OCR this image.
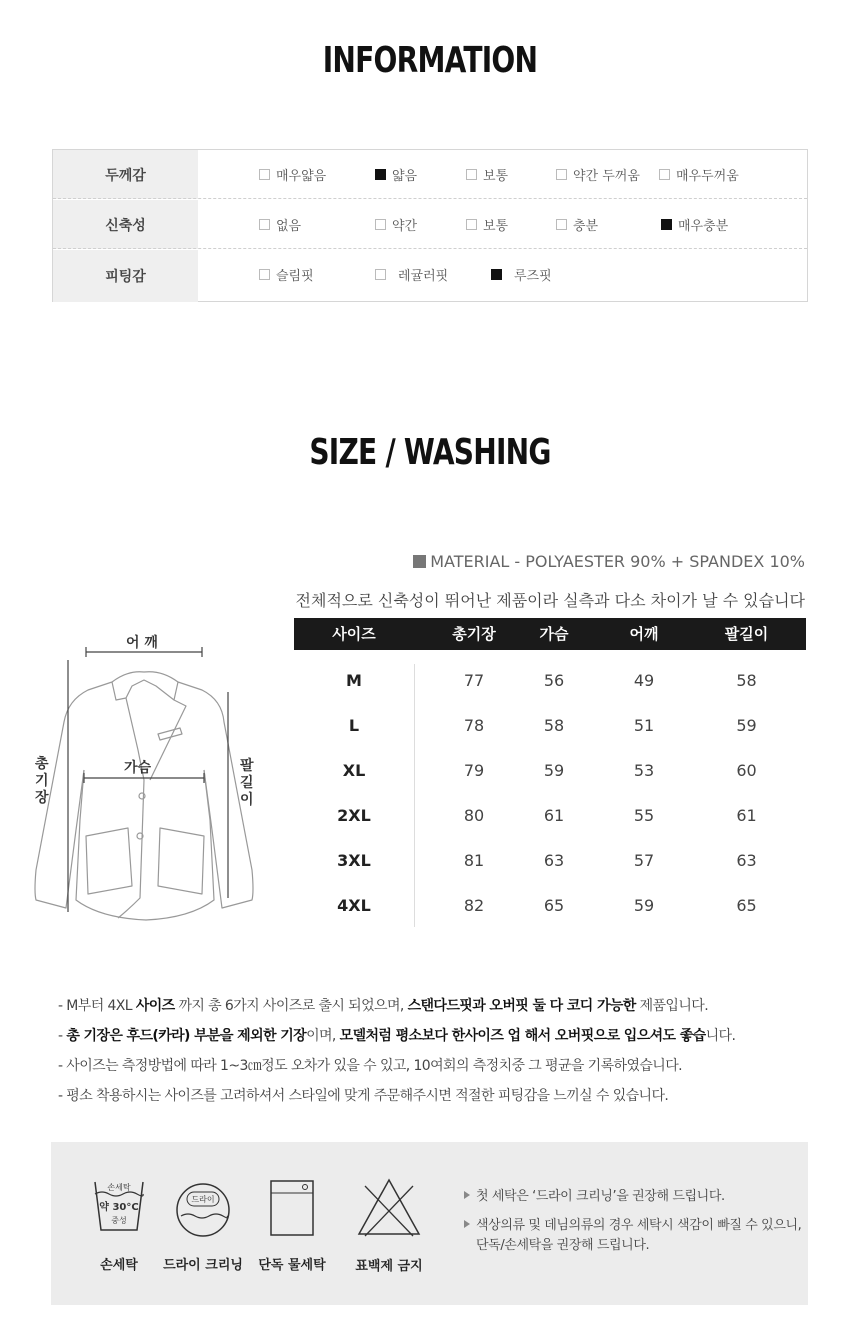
INFORMATION
두께감	매우얇음	얇음	보통	약간 두꺼움	매우두꺼움
신축성	없음	약간	보통	충분	매우충분
피팅감	슬림핏	레귤러핏	루즈핏
SIZE / WASHING
MATERIAL - POLYAESTER 90% + SPANDEX 10%
전체적으로 신축성이 뛰어난 제품이라 실측과 다소 차이가 날 수 있습니다
어 깨
가슴
총
기
장
팔
길
이
사이즈	총기장	가슴	어깨	팔길이
M	77	56	49	58
L	78	58	51	59
XL	79	59	53	60
2XL	80	61	55	61
3XL	81	63	57	63
4XL	82	65	59	65
- M부터 4XL 사이즈 까지 총 6가지 사이즈로 출시 되었으며, 스탠다드핏과 오버핏 둘 다 코디 가능한 제품입니다.
- 총 기장은 후드(카라) 부분을 제외한 기장이며, 모델처럼 평소보다 한사이즈 업 해서 오버핏으로 입으셔도 좋습니다.
- 사이즈는 측정방법에 따라 1~3㎝정도 오차가 있을 수 있고, 10여회의 측정치중 그 평균을 기록하였습니다.
- 평소 착용하시는 사이즈를 고려하셔서 스타일에 맞게 주문해주시면 적절한 피팅감을 느끼실 수 있습니다.
손세탁
약 30°C
중성
손세탁
드라이
드라이 크리닝	단독 물세탁	표백제 금지
첫 세탁은 ‘드라이 크리닝’을 권장해 드립니다.
색상의류 및 데님의류의 경우 세탁시 색감이 빠질 수 있으니,
단독/손세탁을 권장해 드립니다.
